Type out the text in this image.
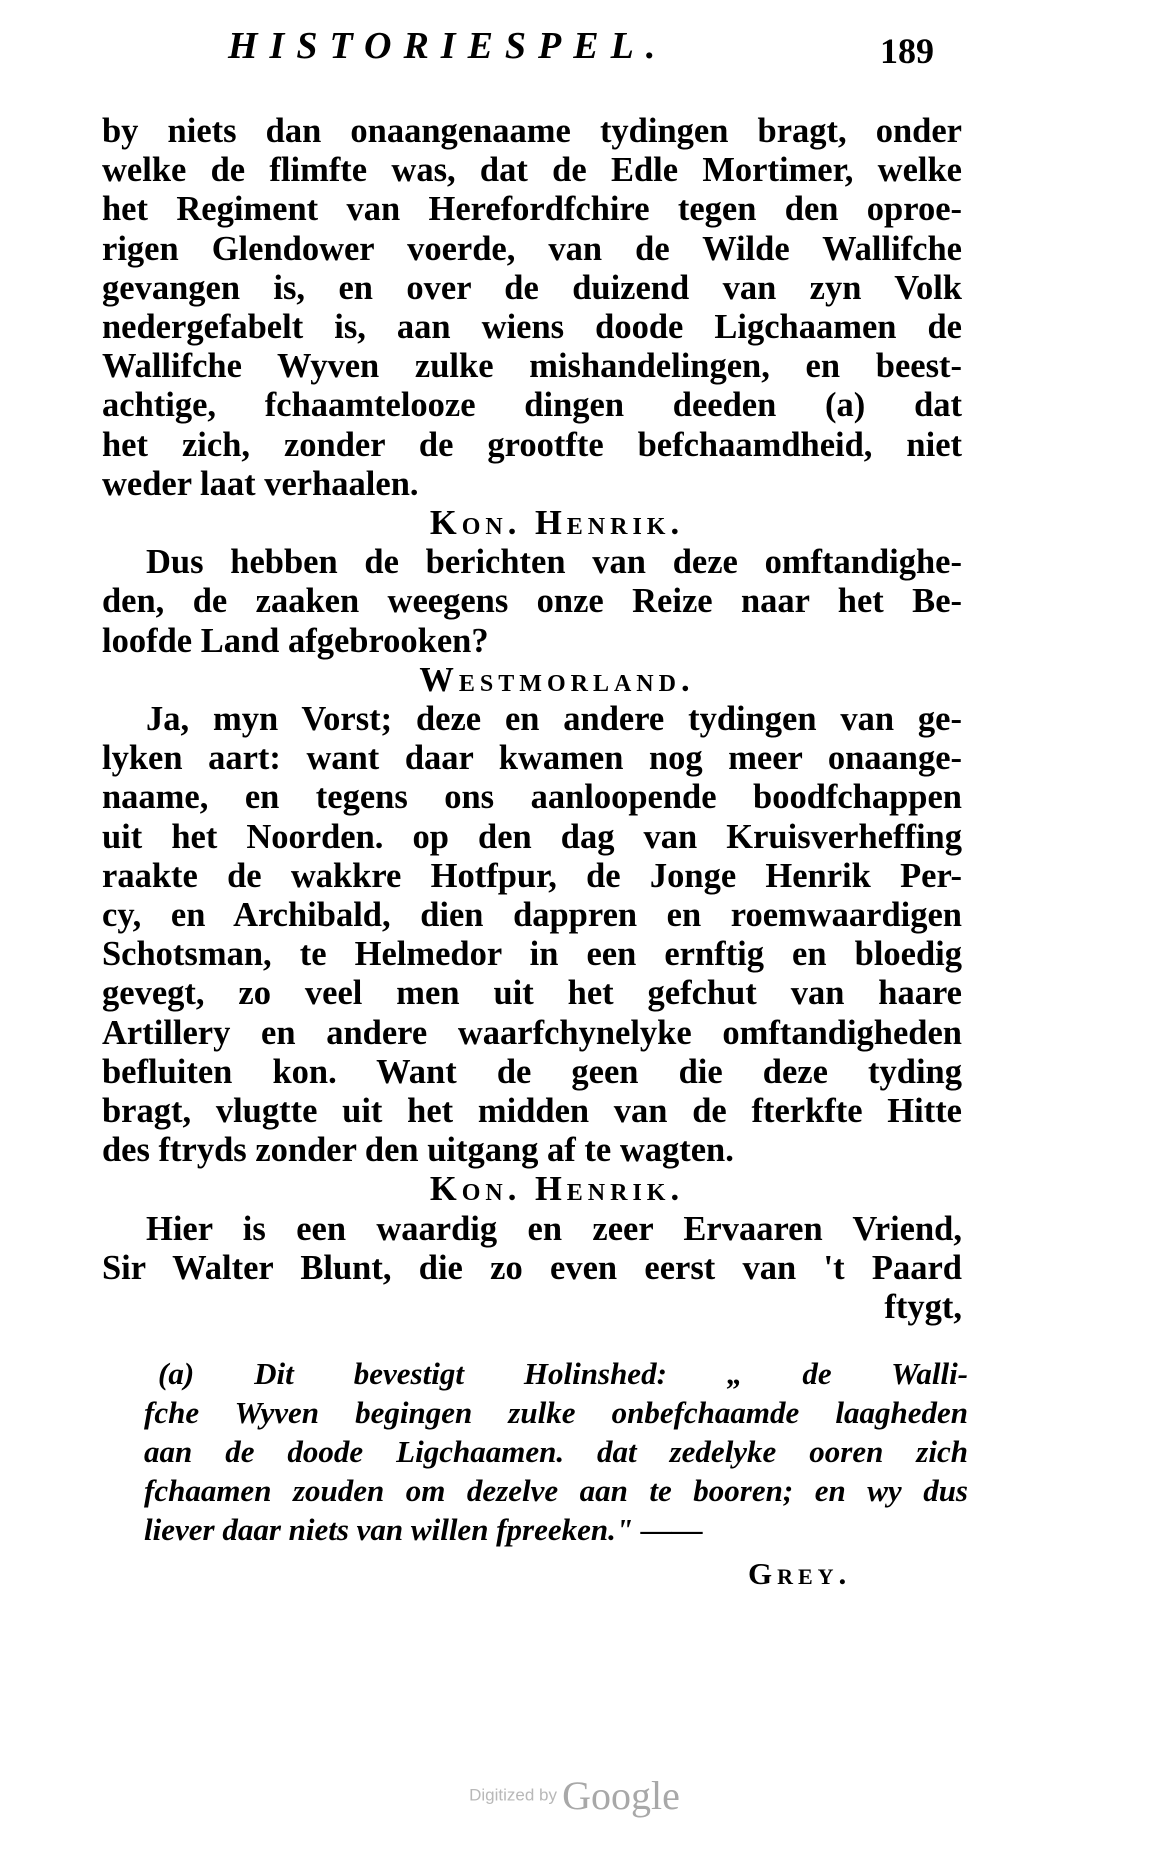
HISTORIESPEL.	189
by niets dan onaangenaame tydingen bragt, onder
welke de flimfte was, dat de Edle Mortimer, welke
het Regiment van Herefordfchire tegen den oproe-
rigen Glendower voerde, van de Wilde Wallifche
gevangen is, en over de duizend van zyn Volk
nedergefabelt is, aan wiens doode Ligchaamen de
Wallifche Wyven zulke mishandelingen, en beest-
achtige, fchaamtelooze dingen deeden (a) dat
het zich, zonder de grootfte befchaamdheid, niet
weder laat verhaalen.
Kon. Henrik.
Dus hebben de berichten van deze omftandighe-
den, de zaaken weegens onze Reize naar het Be-
loofde Land afgebrooken?
Westmorland.
Ja, myn Vorst; deze en andere tydingen van ge-
lyken aart: want daar kwamen nog meer onaange-
naame, en tegens ons aanloopende boodfchappen
uit het Noorden. op den dag van Kruisverheffing
raakte de wakkre Hotfpur, de Jonge Henrik Per-
cy, en Archibald, dien dappren en roemwaardigen
Schotsman, te Helmedor in een ernftig en bloedig
gevegt, zo veel men uit het gefchut van haare
Artillery en andere waarfchynelyke omftandigheden
befluiten kon. Want de geen die deze tyding
bragt, vlugtte uit het midden van de fterkfte Hitte
des ftryds zonder den uitgang af te wagten.
Kon. Henrik.
Hier is een waardig en zeer Ervaaren Vriend,
Sir Walter Blunt, die zo even eerst van 't Paard
ftygt,
(a) Dit bevestigt Holinshed: „ de Walli-
fche Wyven begingen zulke onbefchaamde laagheden
aan de doode Ligchaamen. dat zedelyke ooren zich
fchaamen zouden om dezelve aan te booren; en wy dus
liever daar niets van willen fpreeken." ——
Grey.
Digitized by Google
